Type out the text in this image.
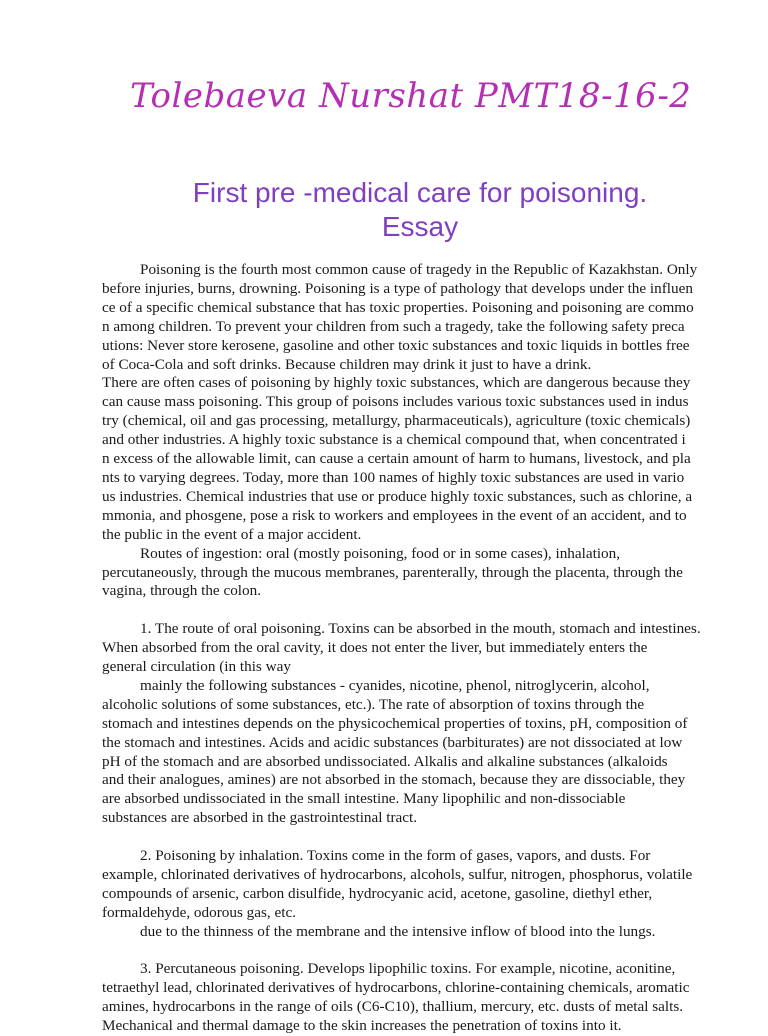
Tolebaeva Nurshat PMT18-16-2
First pre -medical care for poisoning.
Essay
Poisoning is the fourth most common cause of tragedy in the Republic of Kazakhstan. Only
before injuries, burns, drowning. Poisoning is a type of pathology that develops under the influen
ce of a specific chemical substance that has toxic properties. Poisoning and poisoning are commo
n among children. To prevent your children from such a tragedy, take the following safety preca
utions: Never store kerosene, gasoline and other toxic substances and toxic liquids in bottles free
of Coca-Cola and soft drinks. Because children may drink it just to have a drink.
There are often cases of poisoning by highly toxic substances, which are dangerous because they
can cause mass poisoning. This group of poisons includes various toxic substances used in indus
try (chemical, oil and gas processing, metallurgy, pharmaceuticals), agriculture (toxic chemicals)
and other industries. A highly toxic substance is a chemical compound that, when concentrated i
n excess of the allowable limit, can cause a certain amount of harm to humans, livestock, and pla
nts to varying degrees. Today, more than 100 names of highly toxic substances are used in vario
us industries. Chemical industries that use or produce highly toxic substances, such as chlorine, a
mmonia, and phosgene, pose a risk to workers and employees in the event of an accident, and to
the public in the event of a major accident.
Routes of ingestion: oral (mostly poisoning, food or in some cases), inhalation,
percutaneously, through the mucous membranes, parenterally, through the placenta, through the
vagina, through the colon.
1. The route of oral poisoning. Toxins can be absorbed in the mouth, stomach and intestines.
When absorbed from the oral cavity, it does not enter the liver, but immediately enters the
general circulation (in this way
mainly the following substances - cyanides, nicotine, phenol, nitroglycerin, alcohol,
alcoholic solutions of some substances, etc.). The rate of absorption of toxins through the
stomach and intestines depends on the physicochemical properties of toxins, pH, composition of
the stomach and intestines. Acids and acidic substances (barbiturates) are not dissociated at low
pH of the stomach and are absorbed undissociated. Alkalis and alkaline substances (alkaloids
and their analogues, amines) are not absorbed in the stomach, because they are dissociable, they
are absorbed undissociated in the small intestine. Many lipophilic and non-dissociable
substances are absorbed in the gastrointestinal tract.
2. Poisoning by inhalation. Toxins come in the form of gases, vapors, and dusts. For
example, chlorinated derivatives of hydrocarbons, alcohols, sulfur, nitrogen, phosphorus, volatile
compounds of arsenic, carbon disulfide, hydrocyanic acid, acetone, gasoline, diethyl ether,
formaldehyde, odorous gas, etc.
due to the thinness of the membrane and the intensive inflow of blood into the lungs.
3. Percutaneous poisoning. Develops lipophilic toxins. For example, nicotine, aconitine,
tetraethyl lead, chlorinated derivatives of hydrocarbons, chlorine-containing chemicals, aromatic
amines, hydrocarbons in the range of oils (C6-C10), thallium, mercury, etc. dusts of metal salts.
Mechanical and thermal damage to the skin increases the penetration of toxins into it.
